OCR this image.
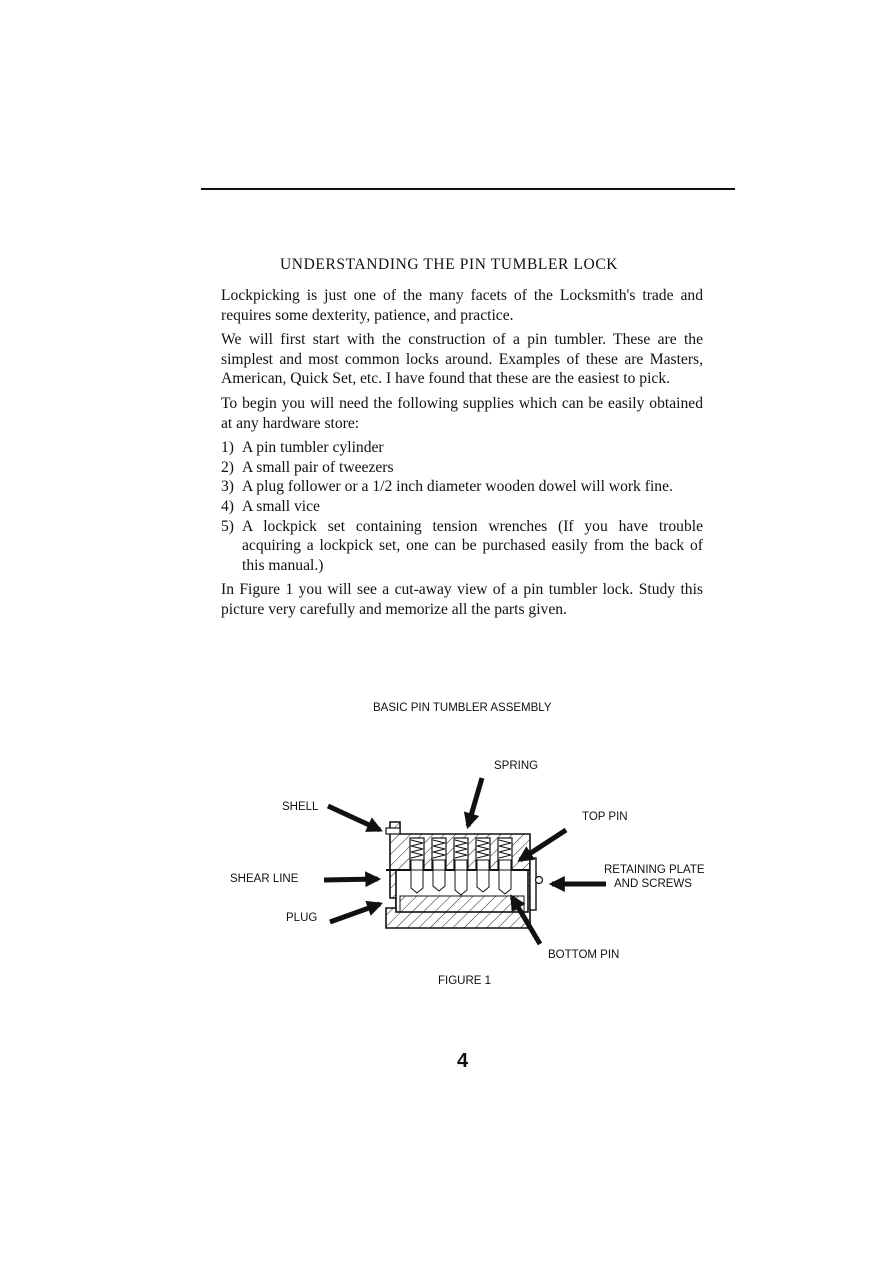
UNDERSTANDING THE PIN TUMBLER LOCK

Lockpicking is just one of the many facets of the Locksmith's trade and requires some dexterity, patience, and practice.

We will first start with the construction of a pin tumbler. These are the simplest and most common locks around. Examples of these are Masters, American, Quick Set, etc. I have found that these are the easiest to pick.

To begin you will need the following supplies which can be easily obtained at any hardware store:

1) A pin tumbler cylinder
2) A small pair of tweezers
3) A plug follower or a 1/2 inch diameter wooden dowel will work fine.
4) A small vice
5) A lockpick set containing tension wrenches (If you have trouble acquiring a lockpick set, one can be purchased easily from the back of this manual.)

In Figure 1 you will see a cut-away view of a pin tumbler lock. Study this picture very carefully and memorize all the parts given.

BASIC PIN TUMBLER ASSEMBLY
SPRING
SHELL
TOP PIN
SHEAR LINE
RETAINING PLATE
AND SCREWS
PLUG
BOTTOM PIN
FIGURE 1
4
